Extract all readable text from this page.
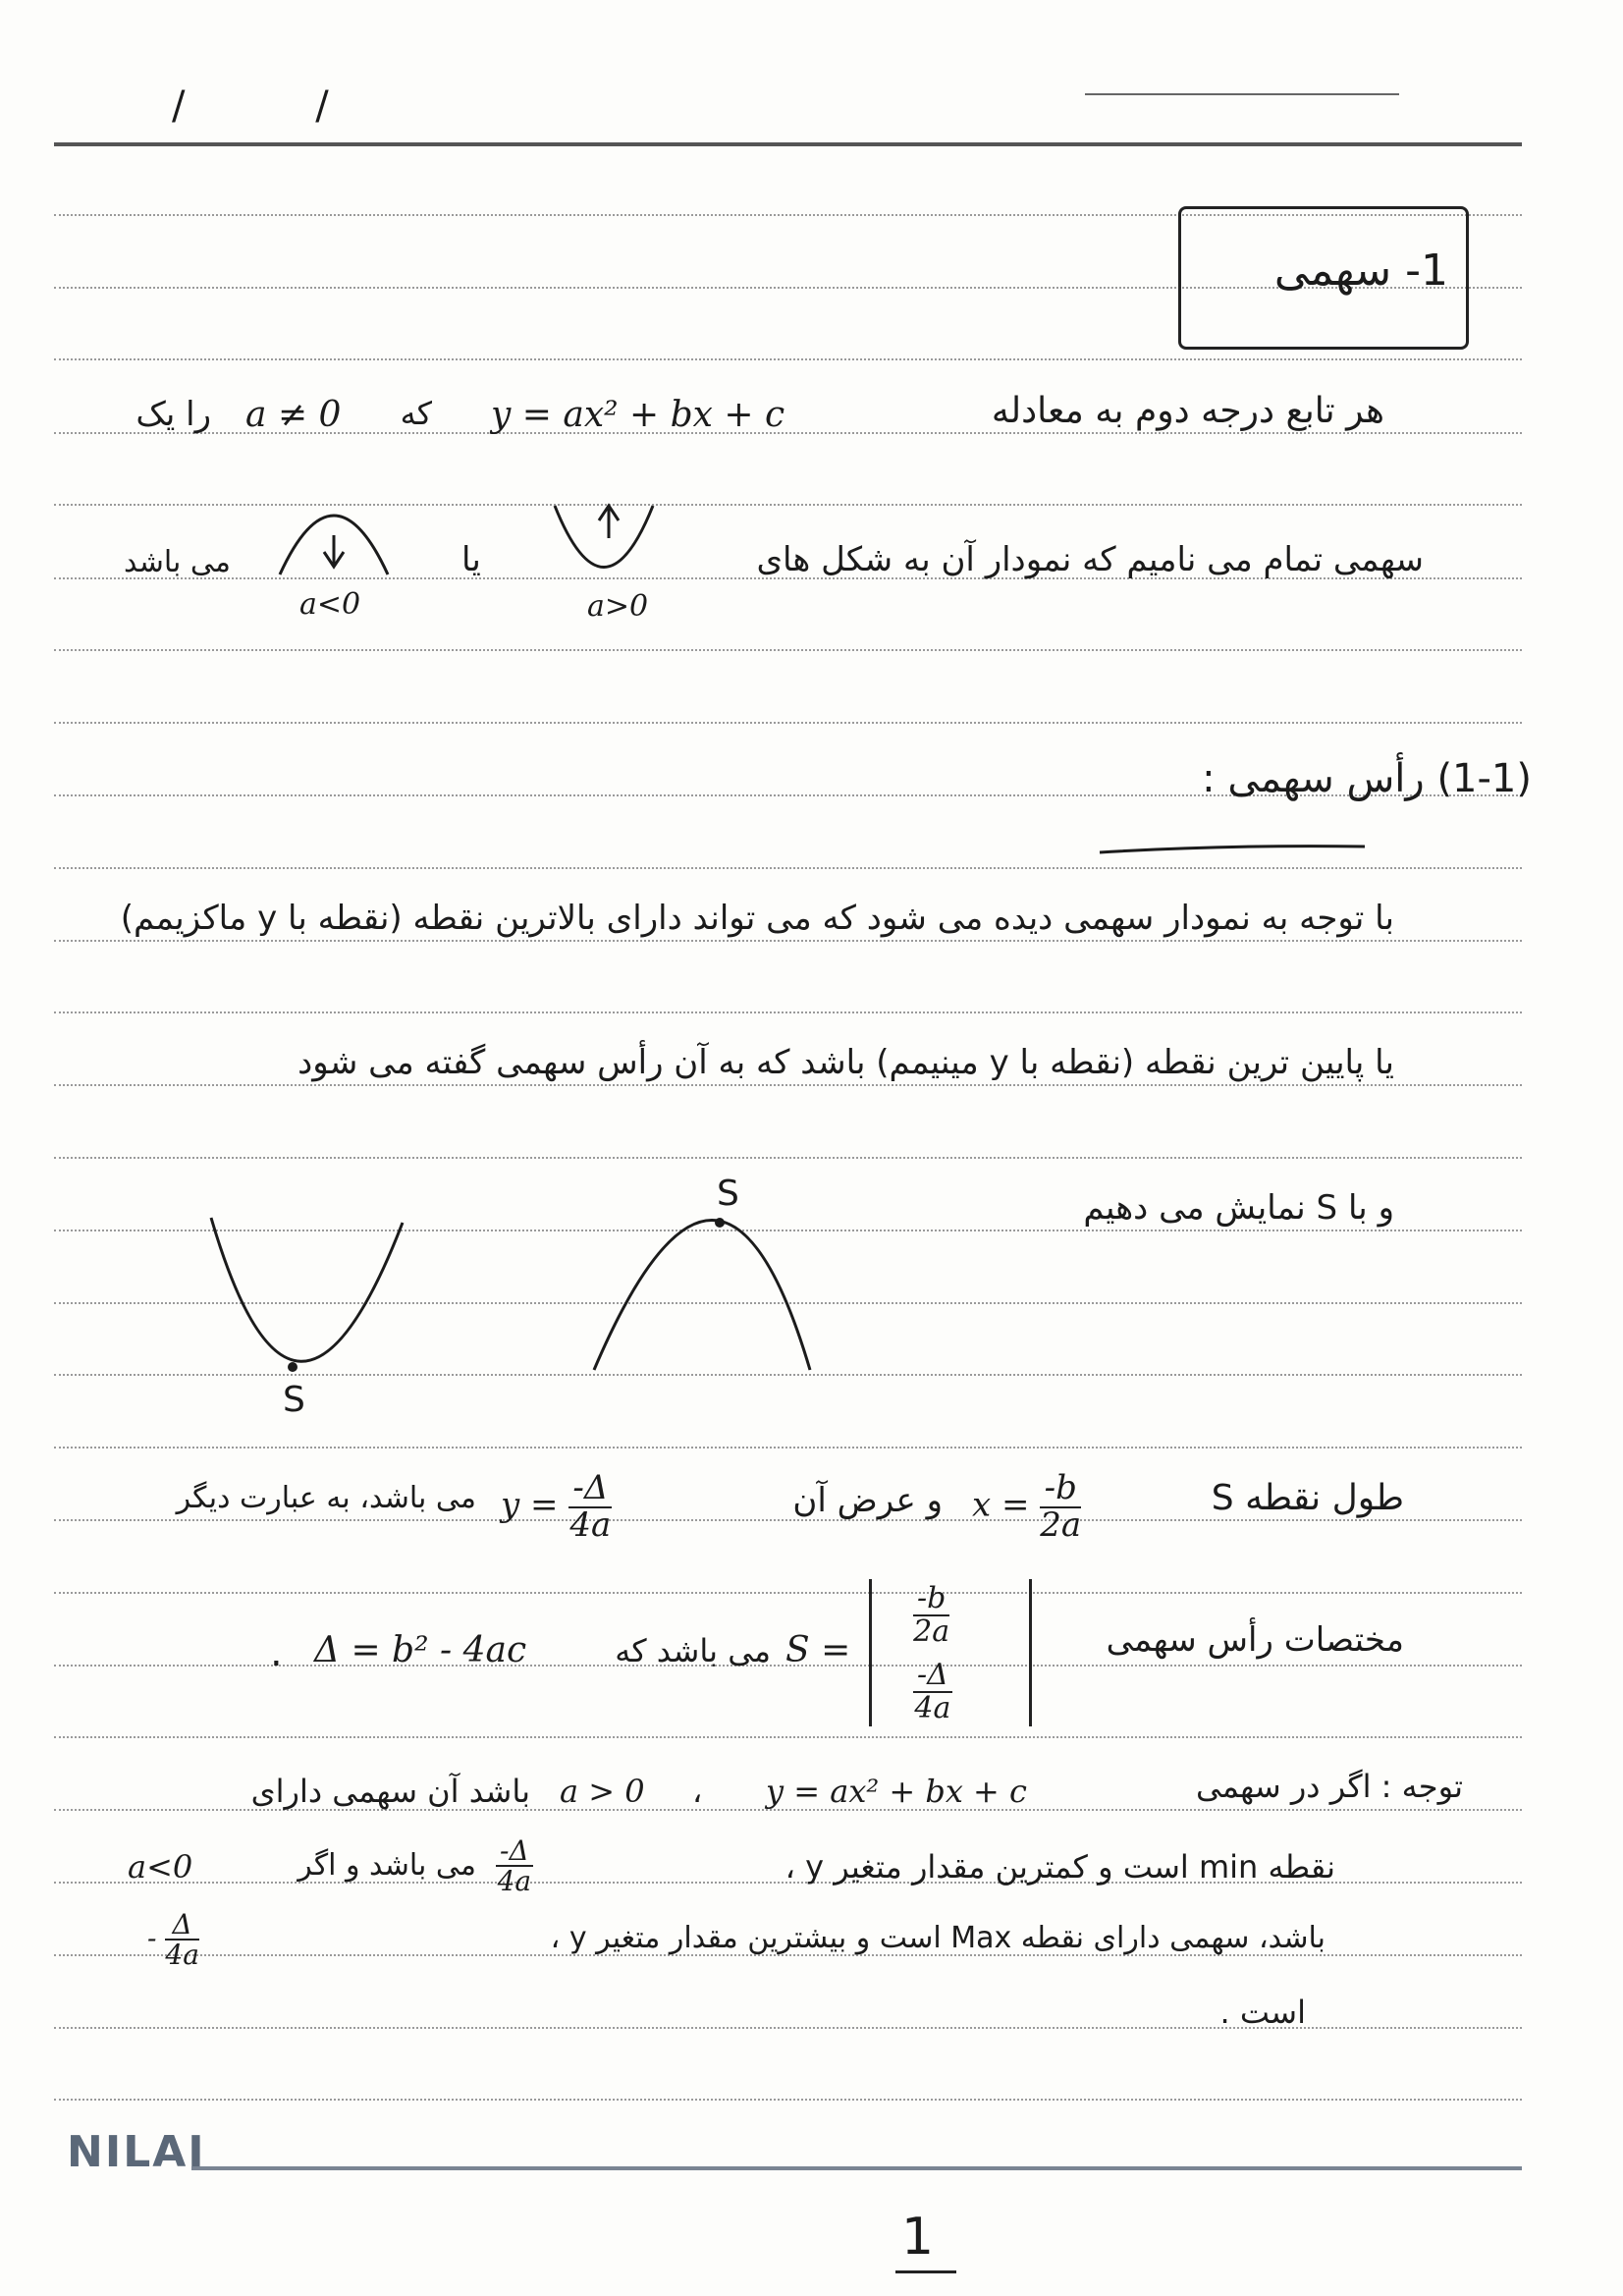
/ /
1- سهمی
هر تابع درجه دوم به معادله
y = ax² + bx + c
که
a ≠ 0
را یک
سهمی تمام می نامیم که نمودار آن به شکل های
یا
می باشد
a>0
a<0
(1-1) رأس سهمی :
با توجه به نمودار سهمی دیده می شود که می تواند دارای بالاترین نقطه (نقطه با y ماکزیمم)
یا پایین ترین نقطه (نقطه با y مینیمم) باشد که به آن رأس سهمی گفته می شود
و با S نمایش می دهیم
S
S
طول نقطه S
$x = \frac{-b}{2a}$
و عرض آن
$y = \frac{-\Delta}{4a}$
می باشد، به عبارت دیگر
مختصات رأس سهمی
S =
$\frac{-b}{2a}$
$\frac{-\Delta}{4a}$
می باشد که
Δ = b² - 4ac
.
توجه : اگر در سهمی
y = ax² + bx + c
،
a > 0
باشد آن سهمی دارای
نقطه min است و کمترین مقدار متغیر y ،
$\frac{-\Delta}{4a}$
می باشد و اگر
a<0
باشد، سهمی دارای نقطه Max است و بیشترین مقدار متغیر y ،
- $\frac{\Delta}{4a}$
است .
NILAI
1
